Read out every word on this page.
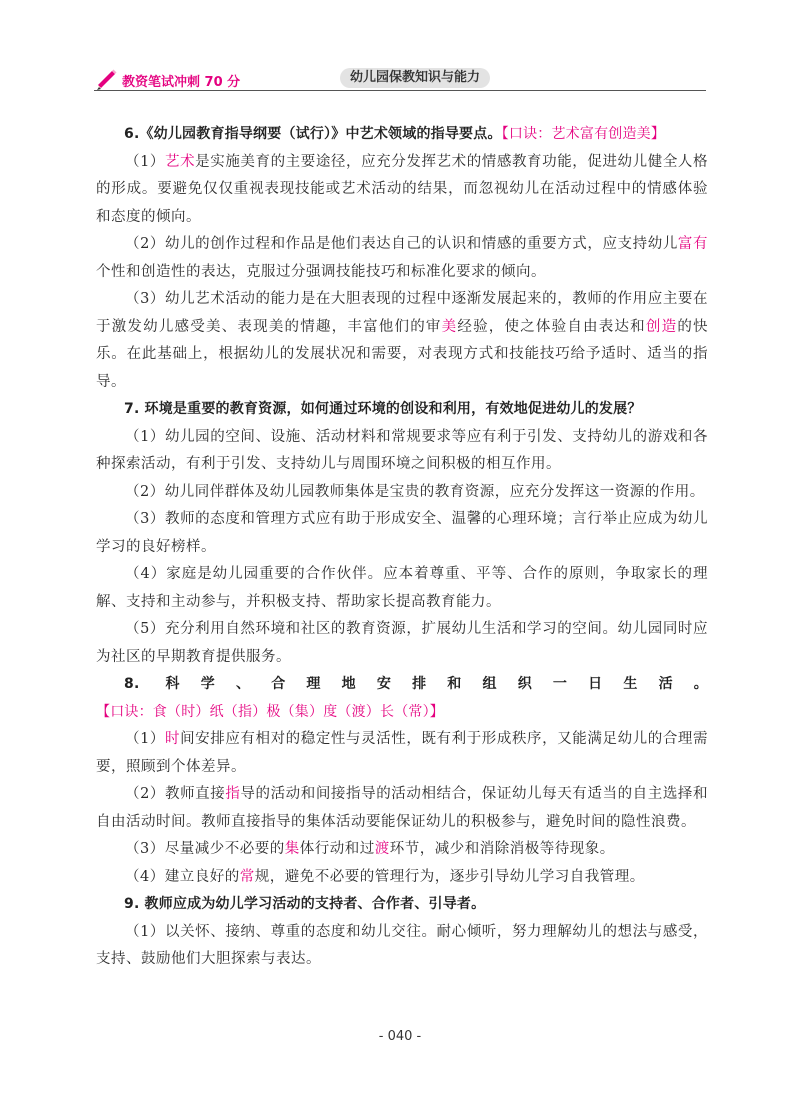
教资笔试冲刺 70 分	幼儿园保教知识与能力

6.《幼儿园教育指导纲要（试行）》中艺术领域的指导要点。【口诀：艺术富有创造美】

（1）艺术是实施美育的主要途径，应充分发挥艺术的情感教育功能，促进幼儿健全人格的形成。要避免仅仅重视表现技能或艺术活动的结果，而忽视幼儿在活动过程中的情感体验和态度的倾向。

（2）幼儿的创作过程和作品是他们表达自己的认识和情感的重要方式，应支持幼儿富有个性和创造性的表达，克服过分强调技能技巧和标准化要求的倾向。

（3）幼儿艺术活动的能力是在大胆表现的过程中逐渐发展起来的，教师的作用应主要在于激发幼儿感受美、表现美的情趣，丰富他们的审美经验，使之体验自由表达和创造的快乐。在此基础上，根据幼儿的发展状况和需要，对表现方式和技能技巧给予适时、适当的指导。

7. 环境是重要的教育资源，如何通过环境的创设和利用，有效地促进幼儿的发展？

（1）幼儿园的空间、设施、活动材料和常规要求等应有利于引发、支持幼儿的游戏和各种探索活动，有利于引发、支持幼儿与周围环境之间积极的相互作用。

（2）幼儿同伴群体及幼儿园教师集体是宝贵的教育资源，应充分发挥这一资源的作用。

（3）教师的态度和管理方式应有助于形成安全、温馨的心理环境；言行举止应成为幼儿学习的良好榜样。

（4）家庭是幼儿园重要的合作伙伴。应本着尊重、平等、合作的原则，争取家长的理解、支持和主动参与，并积极支持、帮助家长提高教育能力。

（5）充分利用自然环境和社区的教育资源，扩展幼儿生活和学习的空间。幼儿园同时应为社区的早期教育提供服务。

8. 科学、合理地安排和组织一日生活。【口诀：食（时）纸（指）极（集）度（渡）长（常）】

（1）时间安排应有相对的稳定性与灵活性，既有利于形成秩序，又能满足幼儿的合理需要，照顾到个体差异。

（2）教师直接指导的活动和间接指导的活动相结合，保证幼儿每天有适当的自主选择和自由活动时间。教师直接指导的集体活动要能保证幼儿的积极参与，避免时间的隐性浪费。

（3）尽量减少不必要的集体行动和过渡环节，减少和消除消极等待现象。

（4）建立良好的常规，避免不必要的管理行为，逐步引导幼儿学习自我管理。

9. 教师应成为幼儿学习活动的支持者、合作者、引导者。

（1）以关怀、接纳、尊重的态度和幼儿交往。耐心倾听，努力理解幼儿的想法与感受，支持、鼓励他们大胆探索与表达。

- 040 -
